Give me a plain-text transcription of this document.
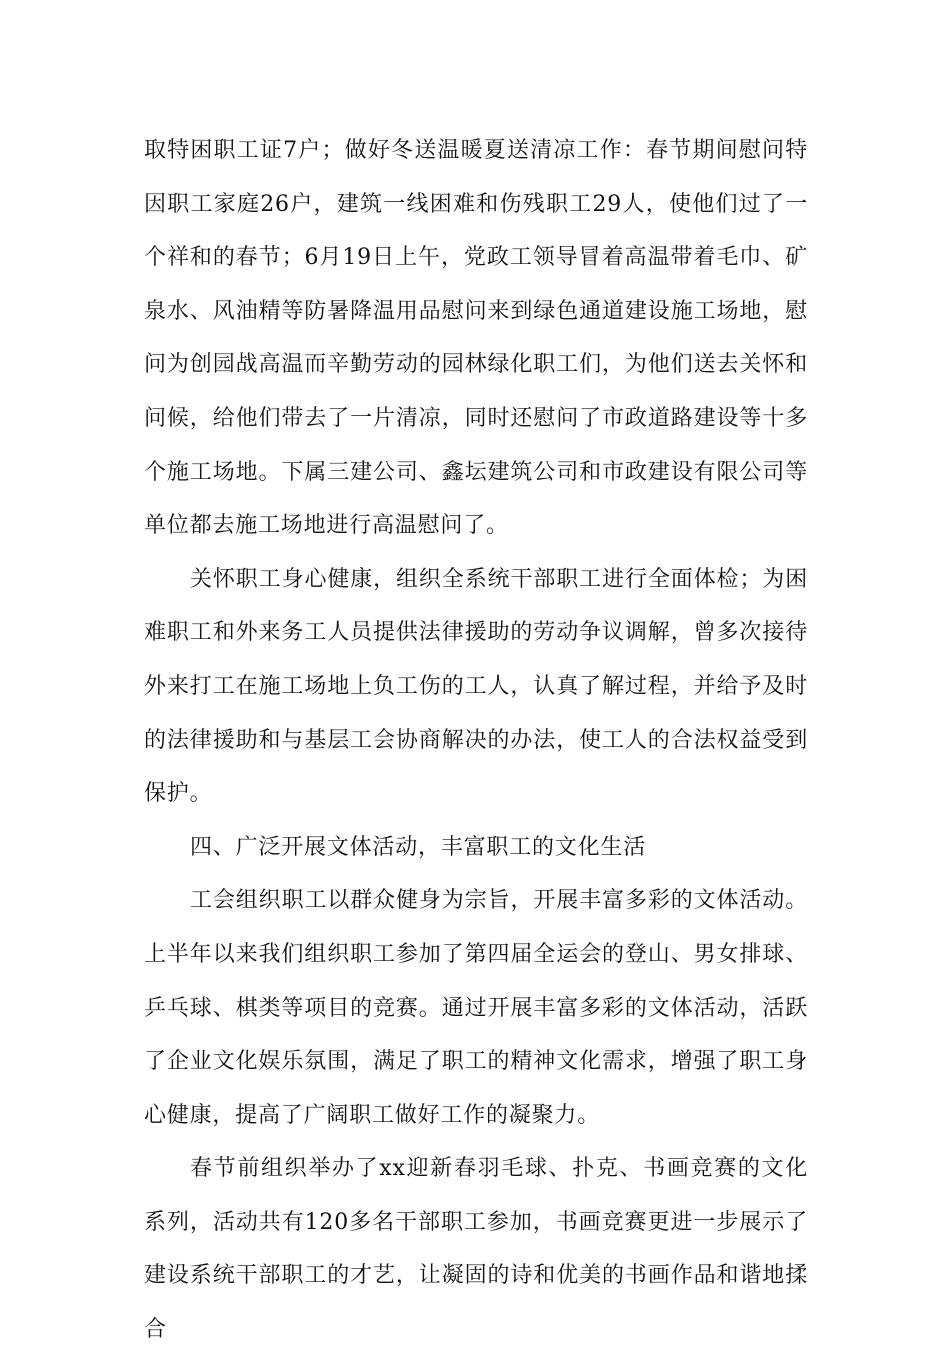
取特困职工证7户；做好冬送温暖夏送清凉工作：春节期间慰问特因职工家庭26户，建筑一线困难和伤残职工29人，使他们过了一个祥和的春节；6月19日上午，党政工领导冒着高温带着毛巾、矿泉水、风油精等防暑降温用品慰问来到绿色通道建设施工场地，慰问为创园战高温而辛勤劳动的园林绿化职工们，为他们送去关怀和问候，给他们带去了一片清凉，同时还慰问了市政道路建设等十多个施工场地。下属三建公司、鑫坛建筑公司和市政建设有限公司等单位都去施工场地进行高温慰问了。

关怀职工身心健康，组织全系统干部职工进行全面体检；为困难职工和外来务工人员提供法律援助的劳动争议调解，曾多次接待外来打工在施工场地上负工伤的工人，认真了解过程，并给予及时的法律援助和与基层工会协商解决的办法，使工人的合法权益受到保护。

四、广泛开展文体活动，丰富职工的文化生活

工会组织职工以群众健身为宗旨，开展丰富多彩的文体活动。上半年以来我们组织职工参加了第四届全运会的登山、男女排球、乒乓球、棋类等项目的竞赛。通过开展丰富多彩的文体活动，活跃了企业文化娱乐氛围，满足了职工的精神文化需求，增强了职工身心健康，提高了广阔职工做好工作的凝聚力。

春节前组织举办了xx迎新春羽毛球、扑克、书画竞赛的文化系列，活动共有120多名干部职工参加，书画竞赛更进一步展示了建设系统干部职工的才艺，让凝固的诗和优美的书画作品和谐地揉合
